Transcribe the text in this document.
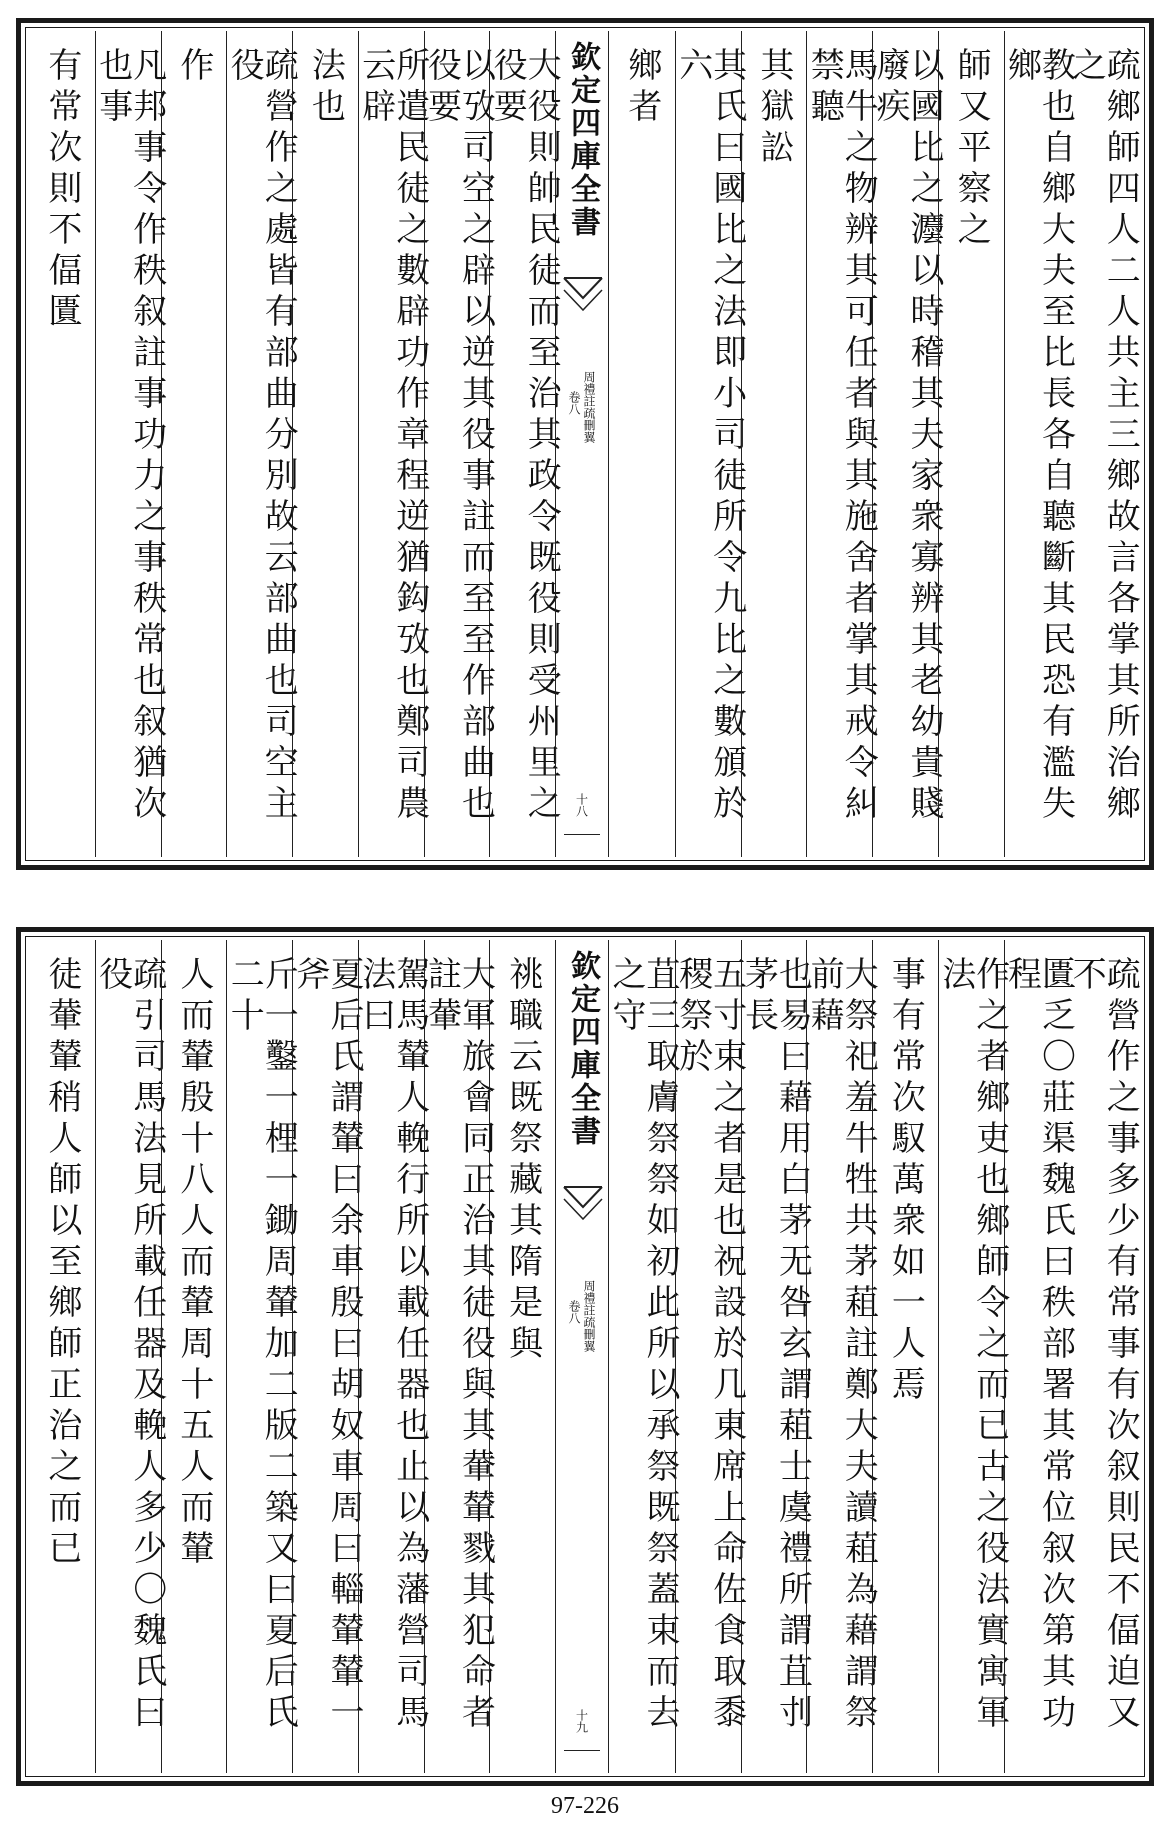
有常次則不偪匱	凡邦事令作秩叙註事功力之事秩常也叙猶次也事	作	疏營作之處皆有部曲分別故云部曲也司空主役	法也	所遣民徒之數辟功作章程逆猶鈎攷也鄭司農云辟	以攷司空之辟以逆其役事註而至至作部曲也役要	大役則帥民徒而至治其政令既役則受州里之役要	欽定四庫全書
周禮註疏刪翼
卷八
十八
鄉者	其氏曰國比之法即小司徒所令九比之數頒於六	其獄訟	馬牛之物辨其可任者與其施舍者掌其戒令糾禁聽	以國比之灋以時稽其夫家衆寡辨其老幼貴賤廢疾	師又平察之	教也自鄉大夫至比長各自聽斷其民恐有濫失鄉	疏鄉師四人二人共主三鄉故言各掌其所治鄉之
徒輂輦稍人師以至鄉師正治之而已	疏引司馬法見所載任器及輓人多少〇魏氏曰役	人而輦殷十八人而輦周十五人而輦	斤一鑿一梩一鋤周輦加二版二築又曰夏后氏二十	夏后氏謂輦曰余車殷曰胡奴車周曰輜輦輦一斧	駕馬輦人輓行所以載任器也止以為藩營司馬法曰	大軍旅會同正治其徒役與其輂輦戮其犯命者註輂	祧職云既祭藏其隋是與 欽定四庫全書
周禮註疏刪翼
卷八
十九	苴三取膚祭祭如初此所以承祭既祭蓋束而去之守	五寸束之者是也祝設於几東席上命佐食取黍稷祭於	也易曰藉用白茅无咎玄謂蒩士虞禮所謂苴刌茅長	大祭祀羞牛牲共茅蒩註鄭大夫讀蒩為藉謂祭前藉	事有常次馭萬衆如一人焉	作之者鄉吏也鄉師令之而已古之役法實寓軍法	匱乏〇莊渠魏氏曰秩部署其常位叙次第其功程	疏營作之事多少有常事有次叙則民不偪迫又不
97-226
